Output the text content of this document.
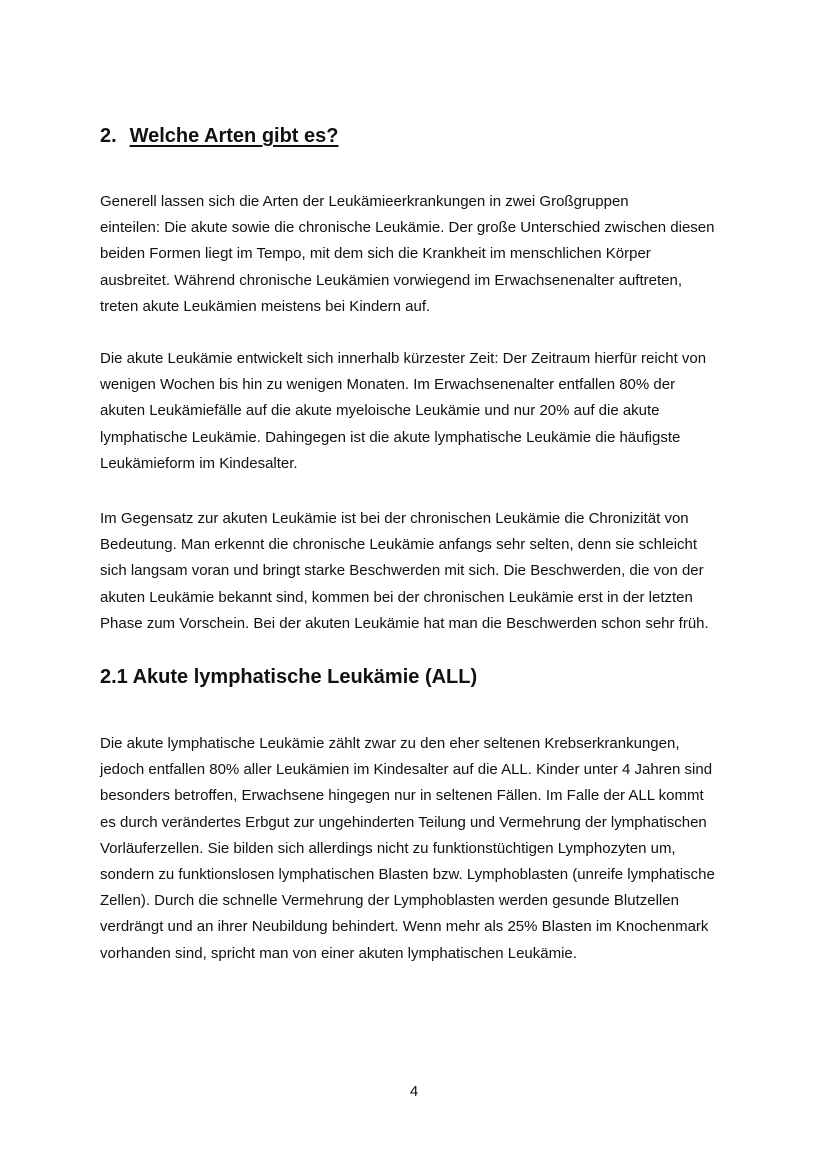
2. Welche Arten gibt es?

Generell lassen sich die Arten der Leukämieerkrankungen in zwei Großgruppen
einteilen: Die akute sowie die chronische Leukämie. Der große Unterschied zwischen diesen
beiden Formen liegt im Tempo, mit dem sich die Krankheit im menschlichen Körper
ausbreitet. Während chronische Leukämien vorwiegend im Erwachsenenalter auftreten,
treten akute Leukämien meistens bei Kindern auf.

Die akute Leukämie entwickelt sich innerhalb kürzester Zeit: Der Zeitraum hierfür reicht von
wenigen Wochen bis hin zu wenigen Monaten. Im Erwachsenenalter entfallen 80% der
akuten Leukämiefälle auf die akute myeloische Leukämie und nur 20% auf die akute
lymphatische Leukämie. Dahingegen ist die akute lymphatische Leukämie die häufigste
Leukämieform im Kindesalter.

Im Gegensatz zur akuten Leukämie ist bei der chronischen Leukämie die Chronizität von
Bedeutung. Man erkennt die chronische Leukämie anfangs sehr selten, denn sie schleicht
sich langsam voran und bringt starke Beschwerden mit sich. Die Beschwerden, die von der
akuten Leukämie bekannt sind, kommen bei der chronischen Leukämie erst in der letzten
Phase zum Vorschein. Bei der akuten Leukämie hat man die Beschwerden schon sehr früh.

2.1 Akute lymphatische Leukämie (ALL)

Die akute lymphatische Leukämie zählt zwar zu den eher seltenen Krebserkrankungen,
jedoch entfallen 80% aller Leukämien im Kindesalter auf die ALL. Kinder unter 4 Jahren sind
besonders betroffen, Erwachsene hingegen nur in seltenen Fällen. Im Falle der ALL kommt
es durch verändertes Erbgut zur ungehinderten Teilung und Vermehrung der lymphatischen
Vorläuferzellen. Sie bilden sich allerdings nicht zu funktionstüchtigen Lymphozyten um,
sondern zu funktionslosen lymphatischen Blasten bzw. Lymphoblasten (unreife lymphatische
Zellen). Durch die schnelle Vermehrung der Lymphoblasten werden gesunde Blutzellen
verdrängt und an ihrer Neubildung behindert. Wenn mehr als 25% Blasten im Knochenmark
vorhanden sind, spricht man von einer akuten lymphatischen Leukämie.

4
